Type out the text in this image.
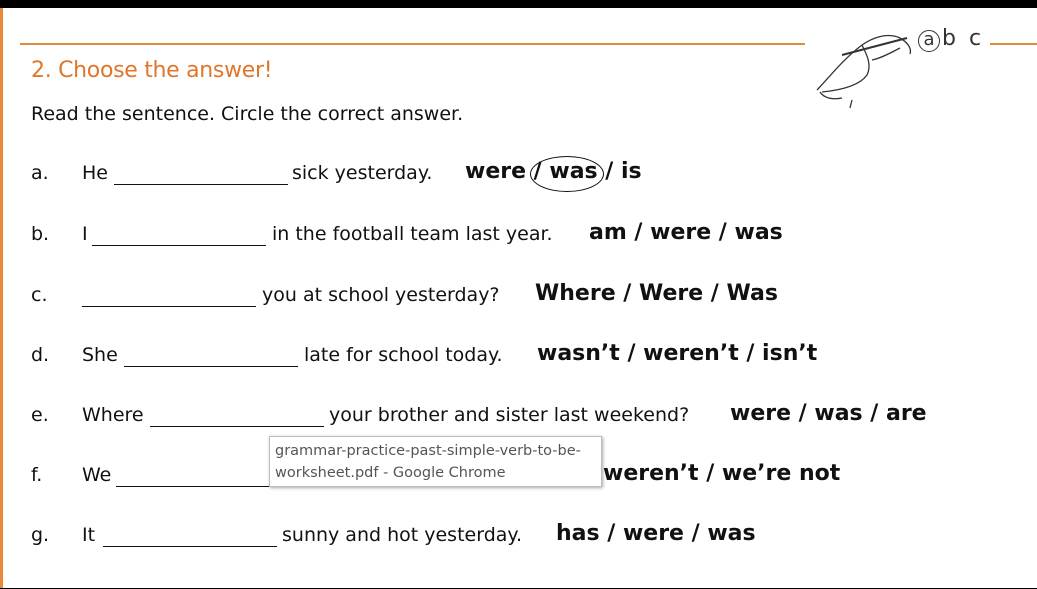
a b c
2. Choose the answer!
Read the sentence. Circle the correct answer.
a. He	sick yesterday. were / was / is
b. I	in the football team last year. am / were / was
c.	you at school yesterday? Where / Were / Was
d. She	late for school today. wasn’t / weren’t / isn’t
e. Where	your brother and sister last weekend? were / was / are
f. We	weren’t / we’re not
g. It	sunny and hot yesterday. has / were / was
grammar-practice-past-simple-verb-to-be-
worksheet.pdf - Google Chrome
